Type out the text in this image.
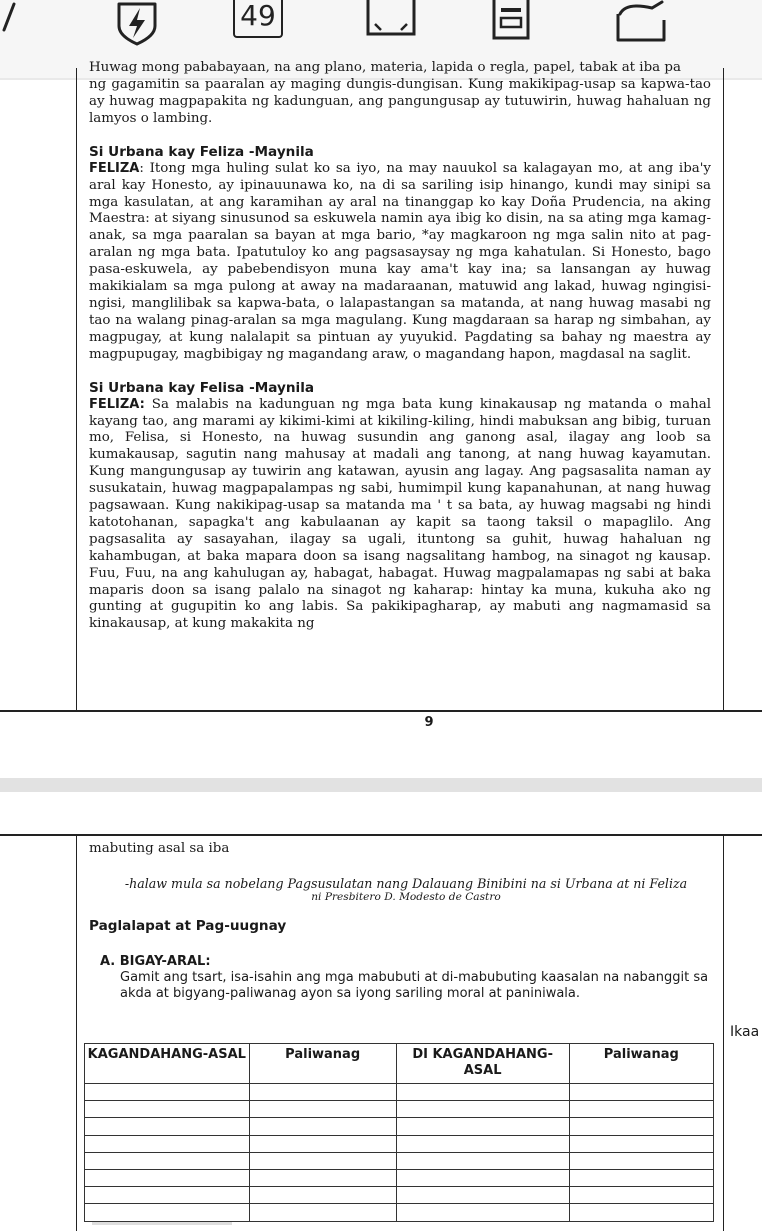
49
Huwag mong pababayaan, na ang plano, materia, lapida o regla, papel, tabak at iba pa

ng gagamitin sa paaralan ay maging dungis-dungisan. Kung makikipag-usap sa kapwa-tao ay huwag magpapakita ng kadunguan, ang pangungusap ay tutuwirin, huwag hahaluan ng lamyos o lambing.

Si Urbana kay Feliza -Maynila

FELIZA: Itong mga huling sulat ko sa iyo, na may nauukol sa kalagayan mo, at ang iba'y aral kay Honesto, ay ipinauunawa ko, na di sa sariling isip hinango, kundi may sinipi sa mga kasulatan, at ang karamihan ay aral na tinanggap ko kay Doña Prudencia, na aking Maestra: at siyang sinusunod sa eskuwela namin aya ibig ko disin, na sa ating mga kamag-anak, sa mga paaralan sa bayan at mga bario, *ay magkaroon ng mga salin nito at pag-aralan ng mga bata. Ipatutuloy ko ang pagsasaysay ng mga kahatulan. Si Honesto, bago pasa-eskuwela, ay pabebendisyon muna kay ama't kay ina; sa lansangan ay huwag makikialam sa mga pulong at away na madaraanan, matuwid ang lakad, huwag ngingisi-ngisi, manglilibak sa kapwa-bata, o lalapastangan sa matanda, at nang huwag masabi ng tao na walang pinag-aralan sa mga magulang. Kung magdaraan sa harap ng simbahan, ay magpugay, at kung nalalapit sa pintuan ay yuyukid. Pagdating sa bahay ng maestra ay magpupugay, magbibigay ng magandang araw, o magandang hapon, magdasal na saglit.

Si Urbana kay Felisa -Maynila

FELIZA: Sa malabis na kadunguan ng mga bata kung kinakausap ng matanda o mahal kayang tao, ang marami ay kikimi-kimi at kikiling-kiling, hindi mabuksan ang bibig, turuan mo, Felisa, si Honesto, na huwag susundin ang ganong asal, ilagay ang loob sa kumakausap, sagutin nang mahusay at madali ang tanong, at nang huwag kayamutan. Kung mangungusap ay tuwirin ang katawan, ayusin ang lagay. Ang pagsasalita naman ay susukatain, huwag magpapalampas ng sabi, humimpil kung kapanahunan, at nang huwag pagsawaan. Kung nakikipag-usap sa matanda ma ' t sa bata, ay huwag magsabi ng hindi katotohanan, sapagka't ang kabulaanan ay kapit sa taong taksil o mapaglilo. Ang pagsasalita ay sasayahan, ilagay sa ugali, ituntong sa guhit, huwag hahaluan ng kahambugan, at baka mapara doon sa isang nagsalitang hambog, na sinagot ng kausap. Fuu, Fuu, na ang kahulugan ay, habagat, habagat. Huwag magpalamapas ng sabi at baka maparis doon sa isang palalo na sinagot ng kaharap: hintay ka muna, kukuha ako ng gunting at gugupitin ko ang labis. Sa pakikipagharap, ay mabuti ang nagmamasid sa kinakausap, at kung makakita ng

9

mabuting asal sa iba

-halaw mula sa nobelang Pagsusulatan nang Dalauang Binibini na si Urbana at ni Feliza
ni Presbitero D. Modesto de Castro
Paglalapat at Pag-uugnay
A. BIGAY-ARAL:
Gamit ang tsart, isa-isahin ang mga mabubuti at di-mabubuting kaasalan na nabanggit sa akda at bigyang-paliwanag ayon sa iyong sariling moral at paniniwala.
Ikaa
KAGANDAHANG-ASAL	Paliwanag	DI KAGANDAHANG-ASAL	Paliwanag
